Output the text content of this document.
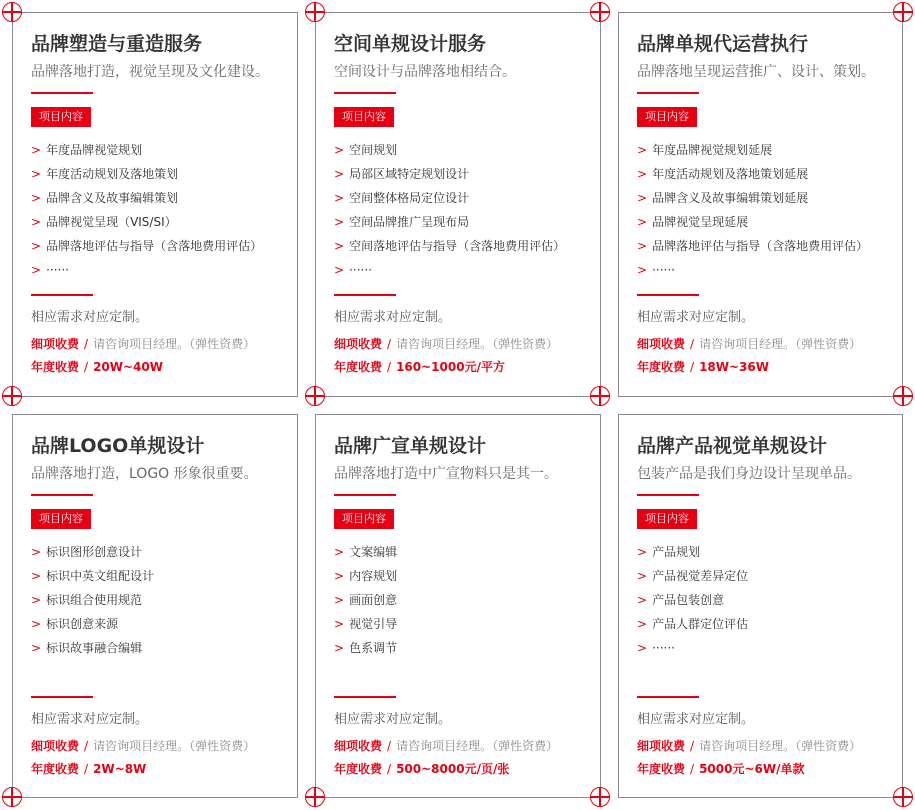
品牌塑造与重造服务
品牌落地打造，视觉呈现及文化建设。
项目内容
> 年度品牌视觉规划
> 年度活动规划及落地策划
> 品牌含义及故事编辑策划
> 品牌视觉呈现（VIS/SI）
> 品牌落地评估与指导（含落地费用评估）
> ······
相应需求对应定制。
细项收费 / 请咨询项目经理。（弹性资费）
年度收费 / 20W~40W
空间单规设计服务
空间设计与品牌落地相结合。
项目内容
> 空间规划
> 局部区域特定规划设计
> 空间整体格局定位设计
> 空间品牌推广呈现布局
> 空间落地评估与指导（含落地费用评估）
> ······
相应需求对应定制。
细项收费 / 请咨询项目经理。（弹性资费）
年度收费 / 160~1000元/平方
品牌单规代运营执行
品牌落地呈现运营推广、设计、策划。
项目内容
> 年度品牌视觉规划延展
> 年度活动规划及落地策划延展
> 品牌含义及故事编辑策划延展
> 品牌视觉呈现延展
> 品牌落地评估与指导（含落地费用评估）
> ······
相应需求对应定制。
细项收费 / 请咨询项目经理。（弹性资费）
年度收费 / 18W~36W
品牌LOGO单规设计
品牌落地打造，LOGO 形象很重要。
项目内容
> 标识图形创意设计
> 标识中英文组配设计
> 标识组合使用规范
> 标识创意来源
> 标识故事融合编辑
相应需求对应定制。
细项收费 / 请咨询项目经理。（弹性资费）
年度收费 / 2W~8W
品牌广宣单规设计
品牌落地打造中广宣物料只是其一。
项目内容
> 文案编辑
> 内容规划
> 画面创意
> 视觉引导
> 色系调节
相应需求对应定制。
细项收费 / 请咨询项目经理。（弹性资费）
年度收费 / 500~8000元/页/张
品牌产品视觉单规设计
包装产品是我们身边设计呈现单品。
项目内容
> 产品规划
> 产品视觉差异定位
> 产品包装创意
> 产品人群定位评估
> ······
相应需求对应定制。
细项收费 / 请咨询项目经理。（弹性资费）
年度收费 / 5000元~6W/单款
